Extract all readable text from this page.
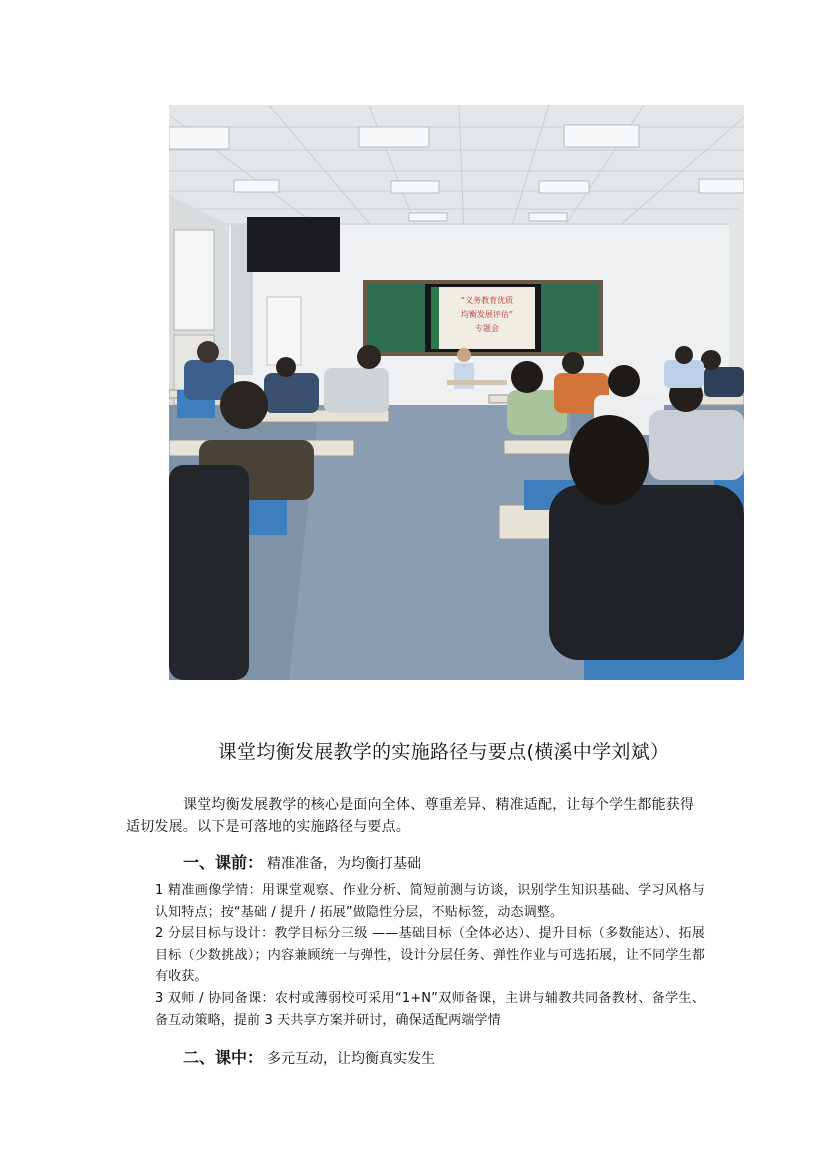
“义务教育优质
均衡发展评估”
专题会
课堂均衡发展教学的实施路径与要点(横溪中学刘斌）
课堂均衡发展教学的核心是面向全体、尊重差异、精准适配，让每个学生都能获得适切发展。以下是可落地的实施路径与要点。
一、课前： 精准准备，为均衡打基础

1 精准画像学情：用课堂观察、作业分析、简短前测与访谈，识别学生知识基础、学习风格与认知特点；按“基础 / 提升 / 拓展”做隐性分层，不贴标签，动态调整。

2 分层目标与设计：教学目标分三级 ——基础目标（全体必达）、提升目标（多数能达）、拓展目标（少数挑战）；内容兼顾统一与弹性，设计分层任务、弹性作业与可选拓展，让不同学生都有收获。

3 双师 / 协同备课：农村或薄弱校可采用“1+N”双师备课，主讲与辅教共同备教材、备学生、备互动策略，提前 3 天共享方案并研讨，确保适配两端学情

二、课中： 多元互动，让均衡真实发生
